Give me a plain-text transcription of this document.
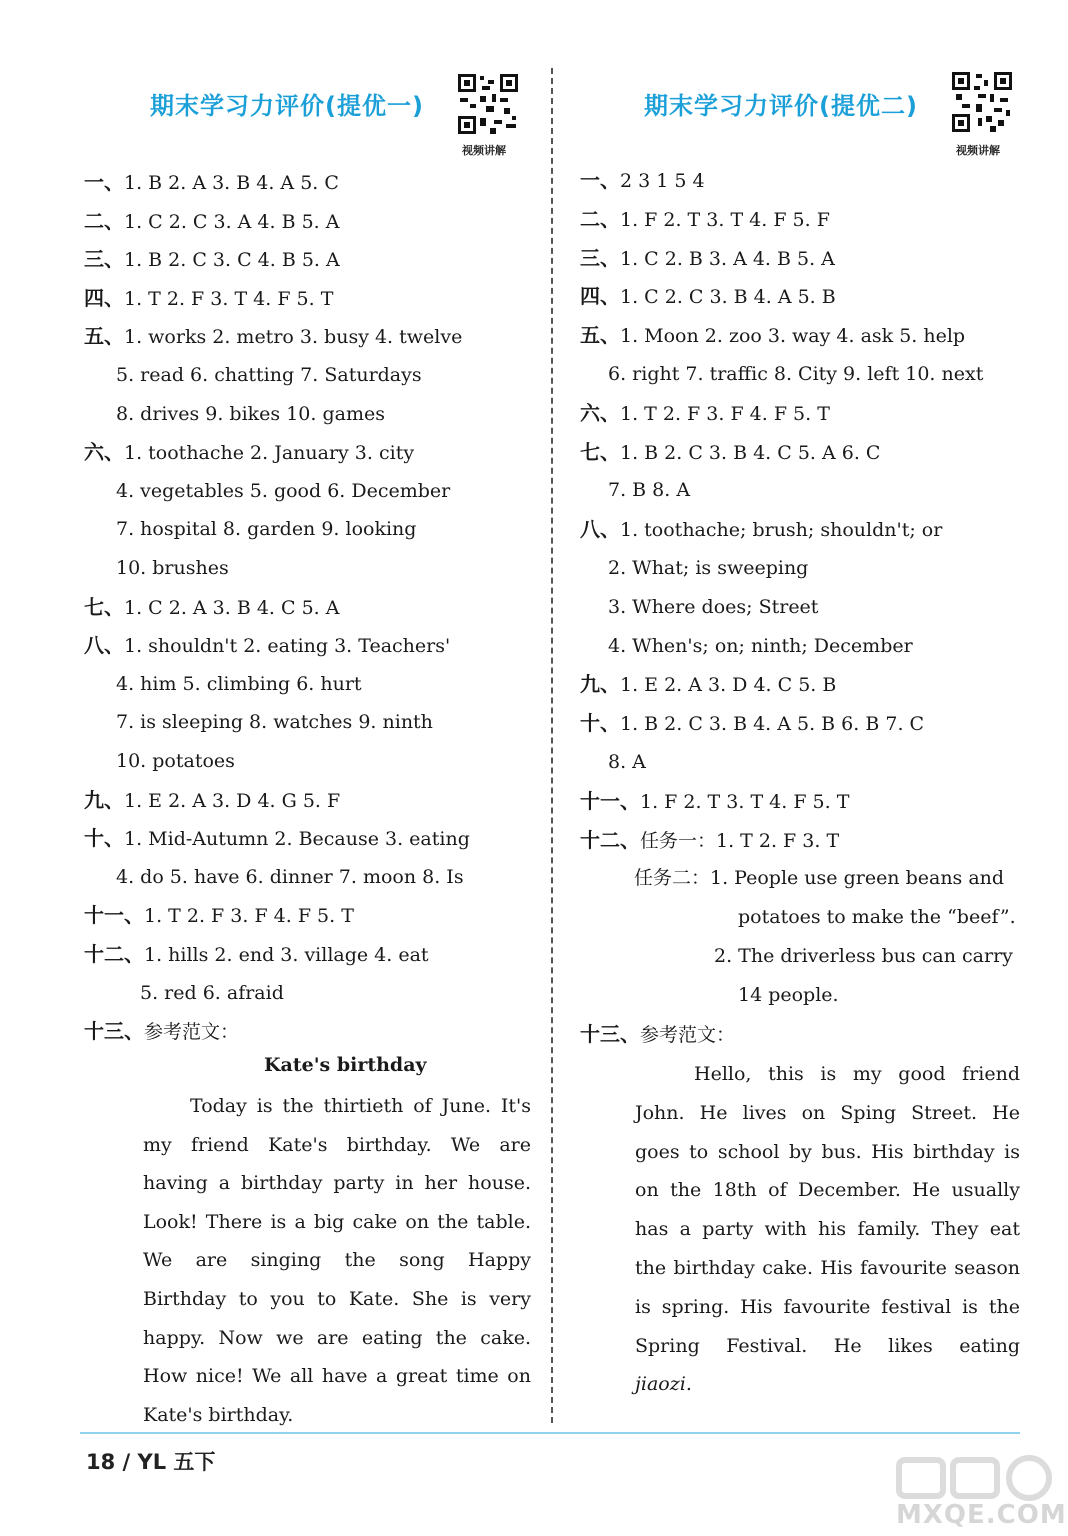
期末学习力评价(提优一)
视频讲解
一、1. B 2. A 3. B 4. A 5. C
二、1. C 2. C 3. A 4. B 5. A
三、1. B 2. C 3. C 4. B 5. A
四、1. T 2. F 3. T 4. F 5. T
五、1. works 2. metro 3. busy 4. twelve
5. read 6. chatting 7. Saturdays
8. drives 9. bikes 10. games
六、1. toothache 2. January 3. city
4. vegetables 5. good 6. December
7. hospital 8. garden 9. looking
10. brushes
七、1. C 2. A 3. B 4. C 5. A
八、1. shouldn't 2. eating 3. Teachers'
4. him 5. climbing 6. hurt
7. is sleeping 8. watches 9. ninth
10. potatoes
九、1. E 2. A 3. D 4. G 5. F
十、1. Mid-Autumn 2. Because 3. eating
4. do 5. have 6. dinner 7. moon 8. Is
十一、1. T 2. F 3. F 4. F 5. T
十二、1. hills 2. end 3. village 4. eat
5. red 6. afraid
十三、参考范文：
Kate's birthday
Today is the thirtieth of June. It's
my friend Kate's birthday. We are
having a birthday party in her house.
Look! There is a big cake on the table.
We are singing the song Happy
Birthday to you to Kate. She is very
happy. Now we are eating the cake.
How nice! We all have a great time on
Kate's birthday.
期末学习力评价(提优二)
视频讲解
一、2 3 1 5 4
二、1. F 2. T 3. T 4. F 5. F
三、1. C 2. B 3. A 4. B 5. A
四、1. C 2. C 3. B 4. A 5. B
五、1. Moon 2. zoo 3. way 4. ask 5. help
6. right 7. traffic 8. City 9. left 10. next
六、1. T 2. F 3. F 4. F 5. T
七、1. B 2. C 3. B 4. C 5. A 6. C
7. B 8. A
八、1. toothache; brush; shouldn't; or
2. What; is sweeping
3. Where does; Street
4. When's; on; ninth; December
九、1. E 2. A 3. D 4. C 5. B
十、1. B 2. C 3. B 4. A 5. B 6. B 7. C
8. A
十一、1. F 2. T 3. T 4. F 5. T
十二、任务一：1. T 2. F 3. T
任务二：1. People use green beans and
potatoes to make the “beef”.
2. The driverless bus can carry
14 people.
十三、参考范文：
Hello, this is my good friend
John. He lives on Sping Street. He
goes to school by bus. His birthday is
on the 18th of December. He usually
has a party with his family. They eat
the birthday cake. His favourite season
is spring. His favourite festival is the
Spring Festival. He likes eating
jiaozi.
18 / YL 五下
MXQE.COM
